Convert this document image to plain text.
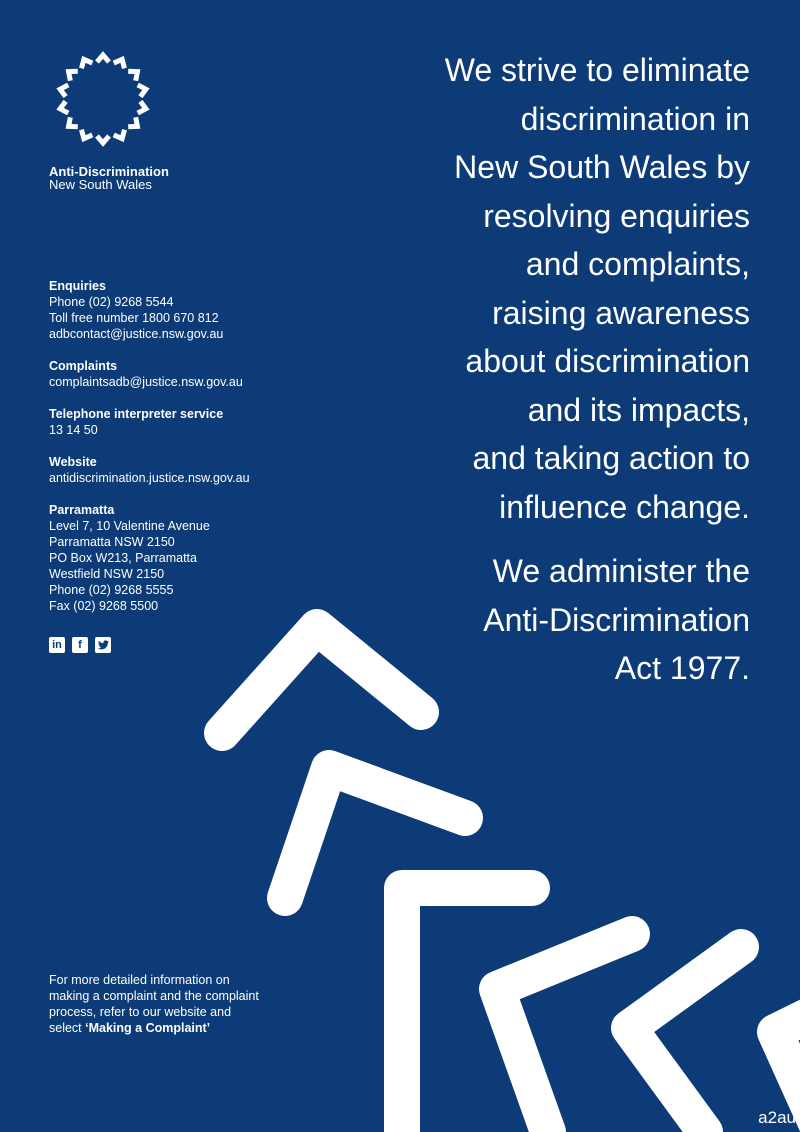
Anti-Discrimination
New South Wales
Enquiries
Phone (02) 9268 5544
Toll free number 1800 670 812
adbcontact@justice.nsw.gov.au
Complaints
complaintsadb@justice.nsw.gov.au
Telephone interpreter service
13 14 50
Website
antidiscrimination.justice.nsw.gov.au
Parramatta
Level 7, 10 Valentine Avenue
Parramatta NSW 2150
PO Box W213, Parramatta
Westfield NSW 2150
Phone (02) 9268 5555
Fax (02) 9268 5500
in	f
We strive to eliminate
discrimination in
New South Wales by
resolving enquiries
and complaints,
raising awareness
about discrimination
and its impacts,
and taking action to
influence change.
We administer the
Anti-Discrimination
Act 1977.
For more detailed information on making a complaint and the complaint process, refer to our website and select ‘Making a Complaint’
a2au
